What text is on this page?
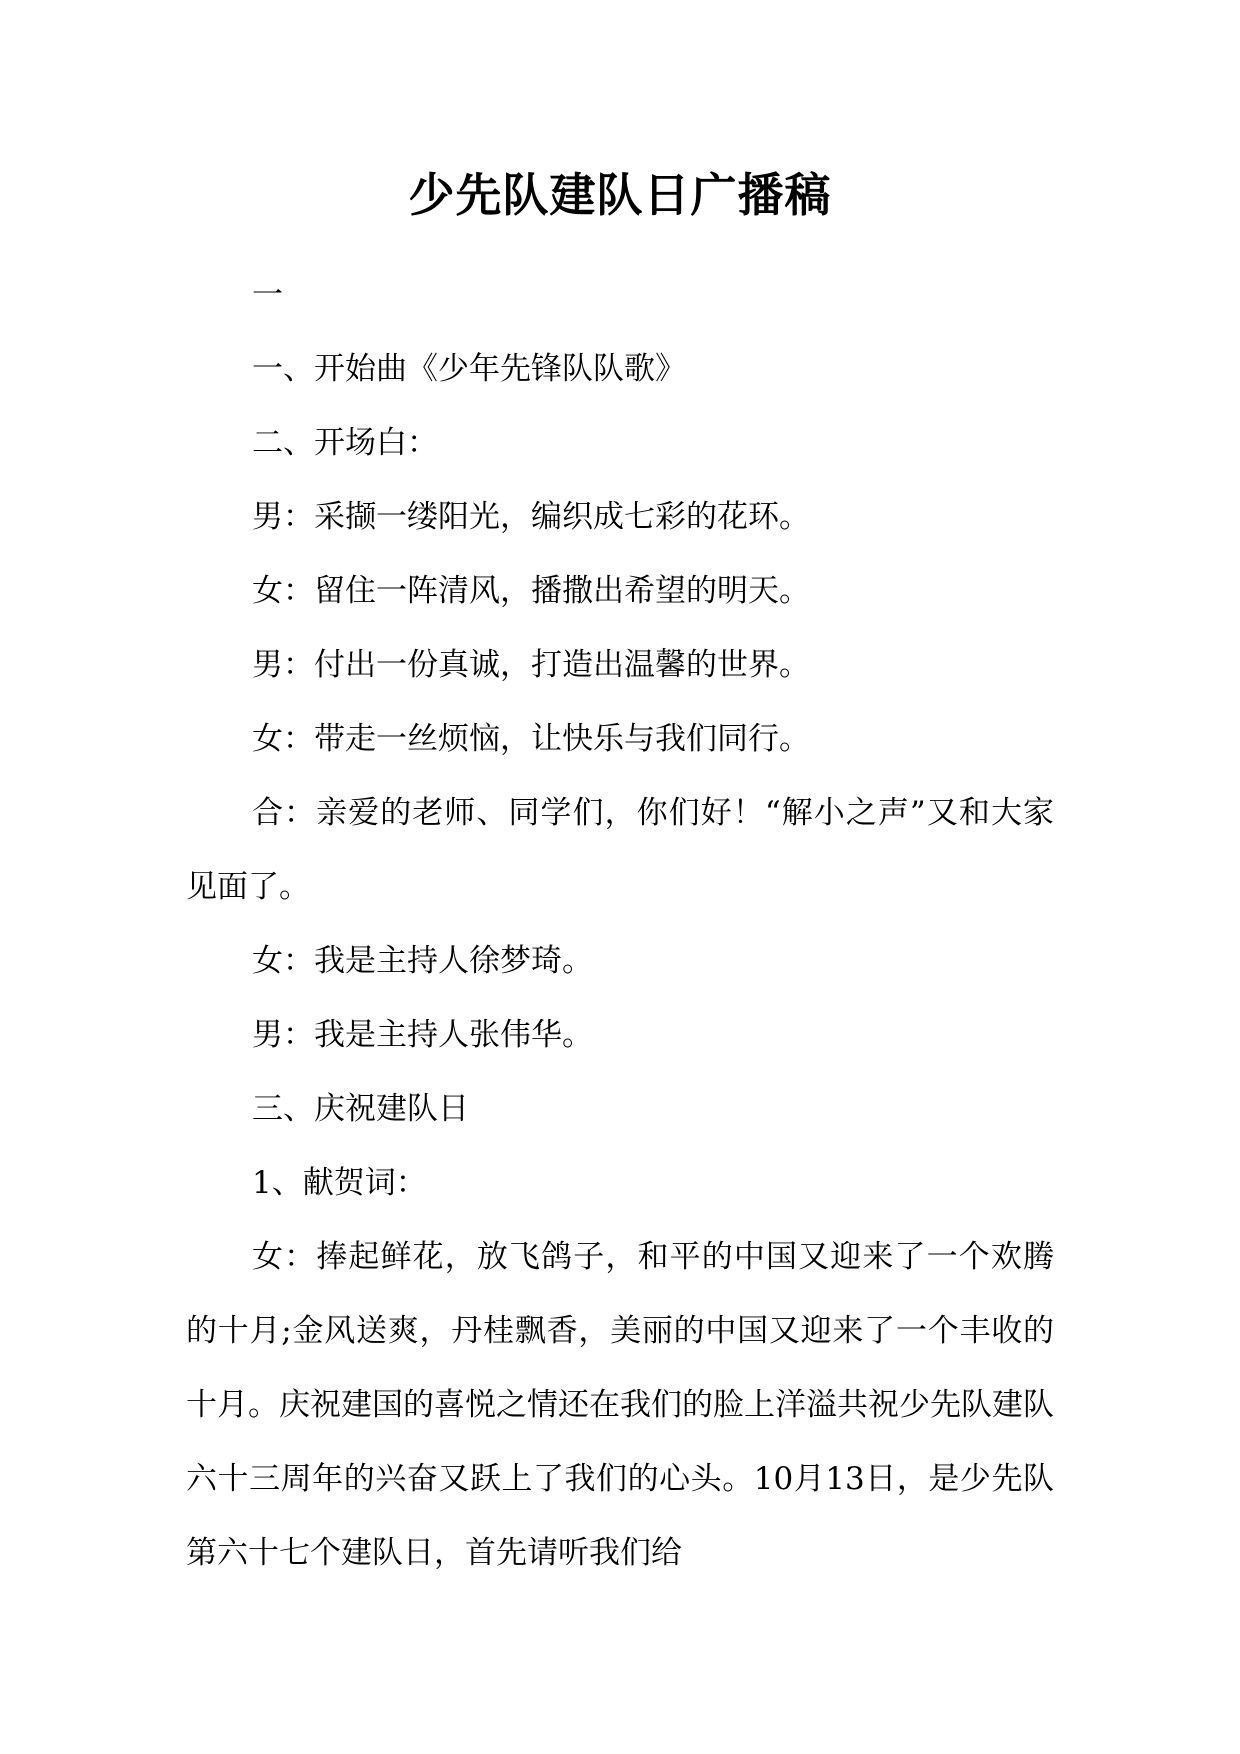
少先队建队日广播稿

一

一、开始曲《少年先锋队队歌》

二、开场白：

男：采撷一缕阳光，编织成七彩的花环。

女：留住一阵清风，播撒出希望的明天。

男：付出一份真诚，打造出温馨的世界。

女：带走一丝烦恼，让快乐与我们同行。

合：亲爱的老师、同学们，你们好！“解小之声”又和大家见面了。

女：我是主持人徐梦琦。

男：我是主持人张伟华。

三、庆祝建队日

1、献贺词：

女：捧起鲜花，放飞鸽子，和平的中国又迎来了一个欢腾的十月;金风送爽，丹桂飘香，美丽的中国又迎来了一个丰收的十月。庆祝建国的喜悦之情还在我们的脸上洋溢共祝少先队建队六十三周年的兴奋又跃上了我们的心头。10月13日，是少先队第六十七个建队日，首先请听我们给
